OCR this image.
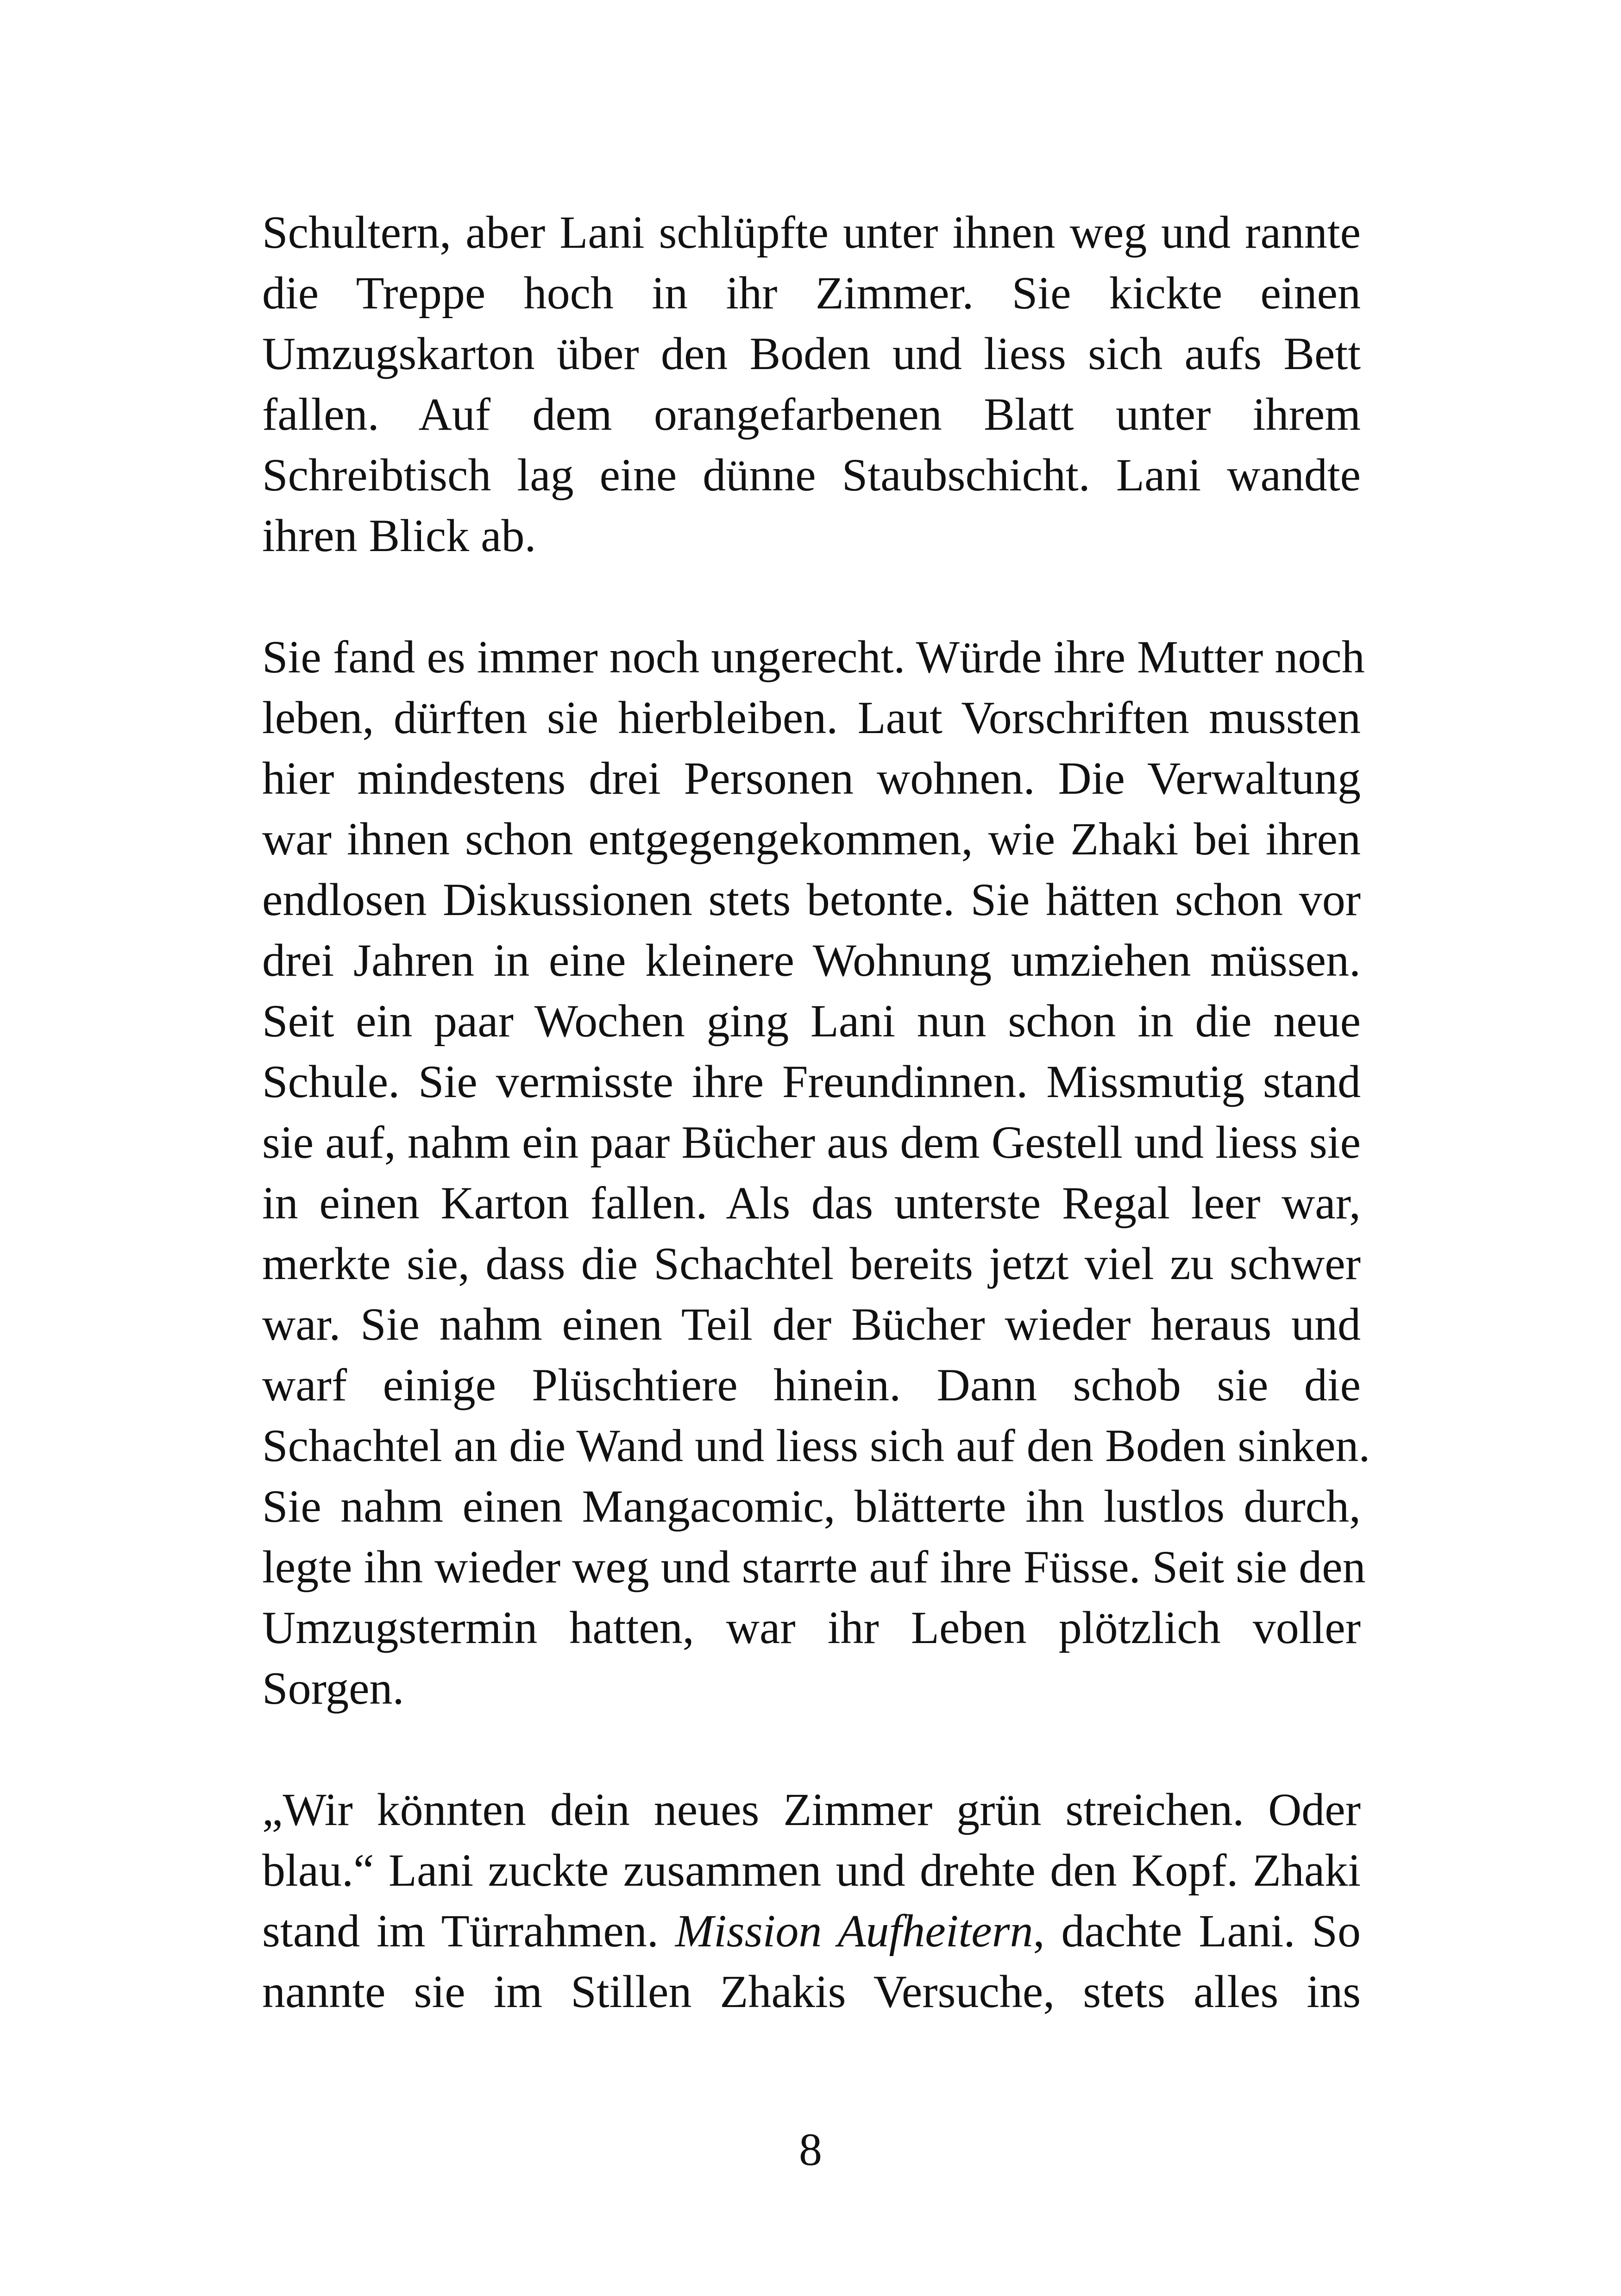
Schultern, aber Lani schlüpfte unter ihnen weg und rannte
die Treppe hoch in ihr Zimmer. Sie kickte einen
Umzugskarton über den Boden und liess sich aufs Bett
fallen. Auf dem orangefarbenen Blatt unter ihrem
Schreibtisch lag eine dünne Staubschicht. Lani wandte
ihren Blick ab.

Sie fand es immer noch ungerecht. Würde ihre Mutter noch
leben, dürften sie hierbleiben. Laut Vorschriften mussten
hier mindestens drei Personen wohnen. Die Verwaltung
war ihnen schon entgegengekommen, wie Zhaki bei ihren
endlosen Diskussionen stets betonte. Sie hätten schon vor
drei Jahren in eine kleinere Wohnung umziehen müssen.
Seit ein paar Wochen ging Lani nun schon in die neue
Schule. Sie vermisste ihre Freundinnen. Missmutig stand
sie auf, nahm ein paar Bücher aus dem Gestell und liess sie
in einen Karton fallen. Als das unterste Regal leer war,
merkte sie, dass die Schachtel bereits jetzt viel zu schwer
war. Sie nahm einen Teil der Bücher wieder heraus und
warf einige Plüschtiere hinein. Dann schob sie die
Schachtel an die Wand und liess sich auf den Boden sinken.
Sie nahm einen Mangacomic, blätterte ihn lustlos durch,
legte ihn wieder weg und starrte auf ihre Füsse. Seit sie den
Umzugstermin hatten, war ihr Leben plötzlich voller
Sorgen.

„Wir könnten dein neues Zimmer grün streichen. Oder
blau.“ Lani zuckte zusammen und drehte den Kopf. Zhaki
stand im Türrahmen. Mission Aufheitern, dachte Lani. So
nannte sie im Stillen Zhakis Versuche, stets alles ins

8
